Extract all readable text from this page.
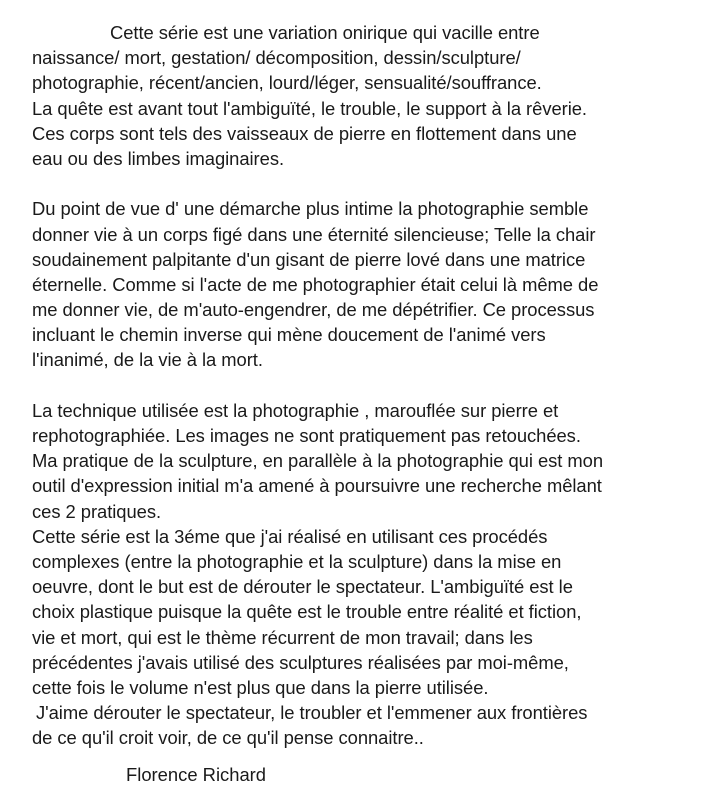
Cette série est une variation onirique qui vacille entre
naissance/ mort, gestation/ décomposition, dessin/sculpture/
photographie, récent/ancien, lourd/léger, sensualité/souffrance.
La quête est avant tout l'ambiguïté, le trouble, le support à la rêverie.
Ces corps sont tels des vaisseaux de pierre en flottement dans une
eau ou des limbes imaginaires.
Du point de vue d' une démarche plus intime la photographie semble
donner vie à un corps figé dans une éternité silencieuse; Telle la chair
soudainement palpitante d'un gisant de pierre lové dans une matrice
éternelle. Comme si l'acte de me photographier était celui là même de
me donner vie, de m'auto-engendrer, de me dépétrifier. Ce processus
incluant le chemin inverse qui mène doucement de l'animé vers
l'inanimé, de la vie à la mort.
La technique utilisée est la photographie , marouflée sur pierre et
rephotographiée. Les images ne sont pratiquement pas retouchées.
Ma pratique de la sculpture, en parallèle à la photographie qui est mon
outil d'expression initial m'a amené à poursuivre une recherche mêlant
ces 2 pratiques.
Cette série est la 3éme que j'ai réalisé en utilisant ces procédés
complexes (entre la photographie et la sculpture) dans la mise en
oeuvre, dont le but est de dérouter le spectateur. L'ambiguïté est le
choix plastique puisque la quête est le trouble entre réalité et fiction,
vie et mort, qui est le thème récurrent de mon travail; dans les
précédentes j'avais utilisé des sculptures réalisées par moi-même,
cette fois le volume n'est plus que dans la pierre utilisée.
J'aime dérouter le spectateur, le troubler et l'emmener aux frontières
de ce qu'il croit voir, de ce qu'il pense connaitre..
Florence Richard
